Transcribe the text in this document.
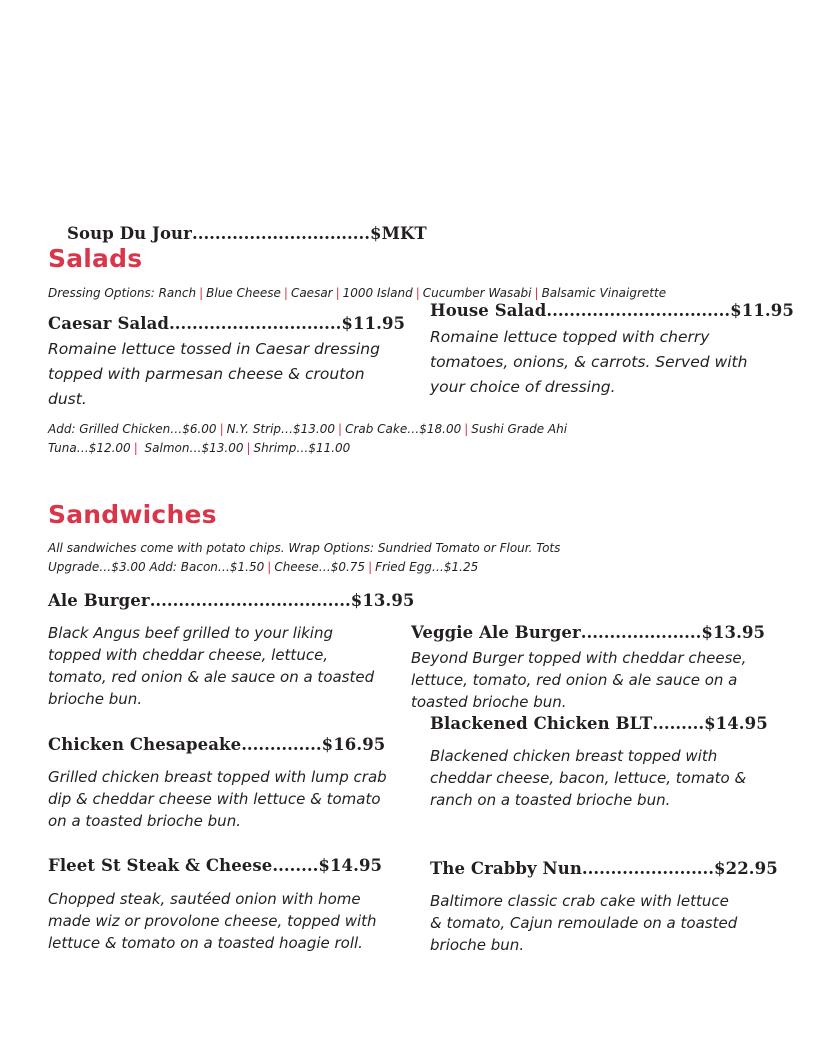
Soup Du Jour...............................$MKT
Salads
Dressing Options: Ranch | Blue Cheese | Caesar | 1000 Island | Cucumber Wasabi | Balsamic Vinaigrette
Caesar Salad..............................$11.95
Romaine lettuce tossed in Caesar dressing
topped with parmesan cheese & crouton
dust.
House Salad................................$11.95
Romaine lettuce topped with cherry
tomatoes, onions, & carrots. Served with
your choice of dressing.
Add: Grilled Chicken…$6.00 | N.Y. Strip…$13.00 | Crab Cake…$18.00 | Sushi Grade Ahi
Tuna…$12.00 | Salmon…$13.00 | Shrimp…$11.00
Sandwiches
All sandwiches come with potato chips. Wrap Options: Sundried Tomato or Flour. Tots
Upgrade…$3.00 Add: Bacon…$1.50 | Cheese…$0.75 | Fried Egg…$1.25
Ale Burger...................................$13.95
Black Angus beef grilled to your liking
topped with cheddar cheese, lettuce,
tomato, red onion & ale sauce on a toasted
brioche bun.
Veggie Ale Burger.....................$13.95
Beyond Burger topped with cheddar cheese,
lettuce, tomato, red onion & ale sauce on a
toasted brioche bun.
Blackened Chicken BLT.........$14.95
Blackened chicken breast topped with
cheddar cheese, bacon, lettuce, tomato &
ranch on a toasted brioche bun.
Chicken Chesapeake..............$16.95
Grilled chicken breast topped with lump crab
dip & cheddar cheese with lettuce & tomato
on a toasted brioche bun.
Fleet St Steak & Cheese........$14.95
Chopped steak, sautéed onion with home
made wiz or provolone cheese, topped with
lettuce & tomato on a toasted hoagie roll.
The Crabby Nun.......................$22.95
Baltimore classic crab cake with lettuce
& tomato, Cajun remoulade on a toasted
brioche bun.
